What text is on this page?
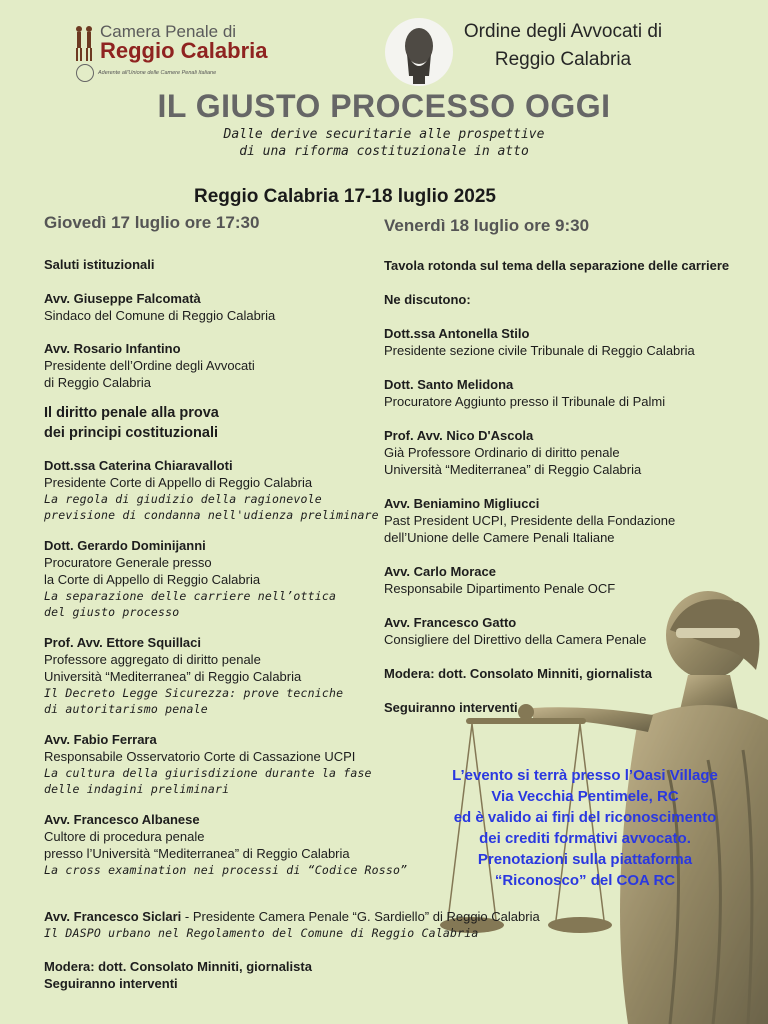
Camera Penale di
Reggio Calabria
Aderente all'Unione delle Camere Penali Italiane
Ordine degli Avvocati di
Reggio Calabria
IL GIUSTO PROCESSO OGGI
Dalle derive securitarie alle prospettive
di una riforma costituzionale in atto
Reggio Calabria 17-18 luglio 2025
Giovedì 17 luglio ore 17:30
Saluti istituzionali
Avv. Giuseppe Falcomatà
Sindaco del Comune di Reggio Calabria
Avv. Rosario Infantino
Presidente dell’Ordine degli Avvocati
di Reggio Calabria
Il diritto penale alla prova
dei principi costituzionali
Dott.ssa Caterina Chiaravalloti
Presidente Corte di Appello di Reggio Calabria
La regola di giudizio della ragionevole
previsione di condanna nell'udienza preliminare
Dott. Gerardo Dominijanni
Procuratore Generale presso
la Corte di Appello di Reggio Calabria
La separazione delle carriere nell’ottica
del giusto processo
Prof. Avv. Ettore Squillaci
Professore aggregato di diritto penale
Università “Mediterranea” di Reggio Calabria
Il Decreto Legge Sicurezza: prove tecniche
di autoritarismo penale
Avv. Fabio Ferrara
Responsabile Osservatorio Corte di Cassazione UCPI
La cultura della giurisdizione durante la fase
delle indagini preliminari
Avv. Francesco Albanese
Cultore di procedura penale
presso l’Università “Mediterranea” di Reggio Calabria
La cross examination nei processi di “Codice Rosso”
Avv. Francesco Siclari - Presidente Camera Penale “G. Sardiello” di Reggio Calabria
Il DASPO urbano nel Regolamento del Comune di Reggio Calabria
Modera: dott. Consolato Minniti, giornalista
Seguiranno interventi
Venerdì 18 luglio ore 9:30
Tavola rotonda sul tema della separazione delle carriere
Ne discutono:
Dott.ssa Antonella Stilo
Presidente sezione civile Tribunale di Reggio Calabria
Dott. Santo Melidona
Procuratore Aggiunto presso il Tribunale di Palmi
Prof. Avv. Nico D'Ascola
Già Professore Ordinario di diritto penale
Università “Mediterranea” di Reggio Calabria
Avv. Beniamino Migliucci
Past President UCPI, Presidente della Fondazione
dell’Unione delle Camere Penali Italiane
Avv. Carlo Morace
Responsabile Dipartimento Penale OCF
Avv. Francesco Gatto
Consigliere del Direttivo della Camera Penale
Modera: dott. Consolato Minniti, giornalista
Seguiranno interventi
L’evento si terrà presso l’Oasi Village
Via Vecchia Pentimele, RC
ed è valido ai fini del riconoscimento
dei crediti formativi avvocato.
Prenotazioni sulla piattaforma
“Riconosco” del COA RC
